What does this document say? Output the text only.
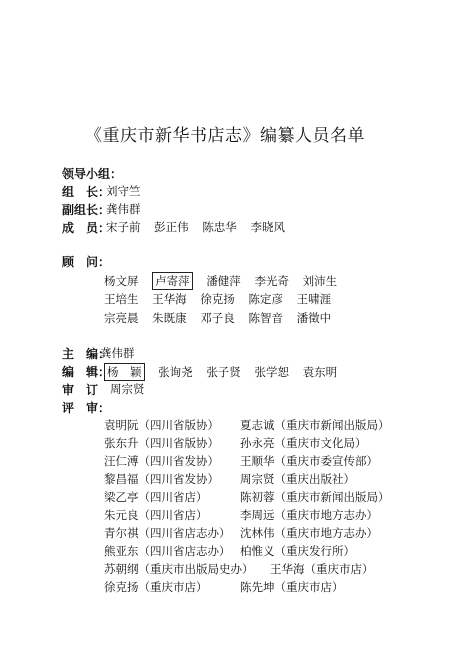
《重庆市新华书店志》编纂人员名单
领导小组：
组　长：
刘守竺
副组长：
龚伟群
成　员：
宋子前 彭正伟 陈忠华 李晓风
顾　问：
杨文屏 卢寄萍 潘健萍 李光奇 刘沛生
王培生 王华海 徐克扬 陈定彦 王啸涯
宗亮晨 朱既康 邓子良 陈智音 潘徵中
主　编：
龚伟群
编　辑：
杨　颖 张询尧 张子贤 张学恕 袁东明
审　订 周宗贤
评　审：
袁明阮（四川省版协） 夏志诚（重庆市新闻出版局）
张东升（四川省版协） 孙永亮（重庆市文化局）
汪仁溥（四川省发协） 王顺华（重庆市委宣传部）
黎昌福（四川省发协） 周宗贤（重庆出版社）
梁乙亭（四川省店）	陈初蓉（重庆市新闻出版局）
朱元良（四川省店）	李周远（重庆市地方志办）
青尔祺（四川省店志办） 沈林伟（重庆市地方志办）
熊亚东（四川省店志办） 柏惟义（重庆发行所）
苏朝纲（重庆市出版局史办） 王华海（重庆市店）
徐克扬（重庆市店）	陈先坤（重庆市店）
